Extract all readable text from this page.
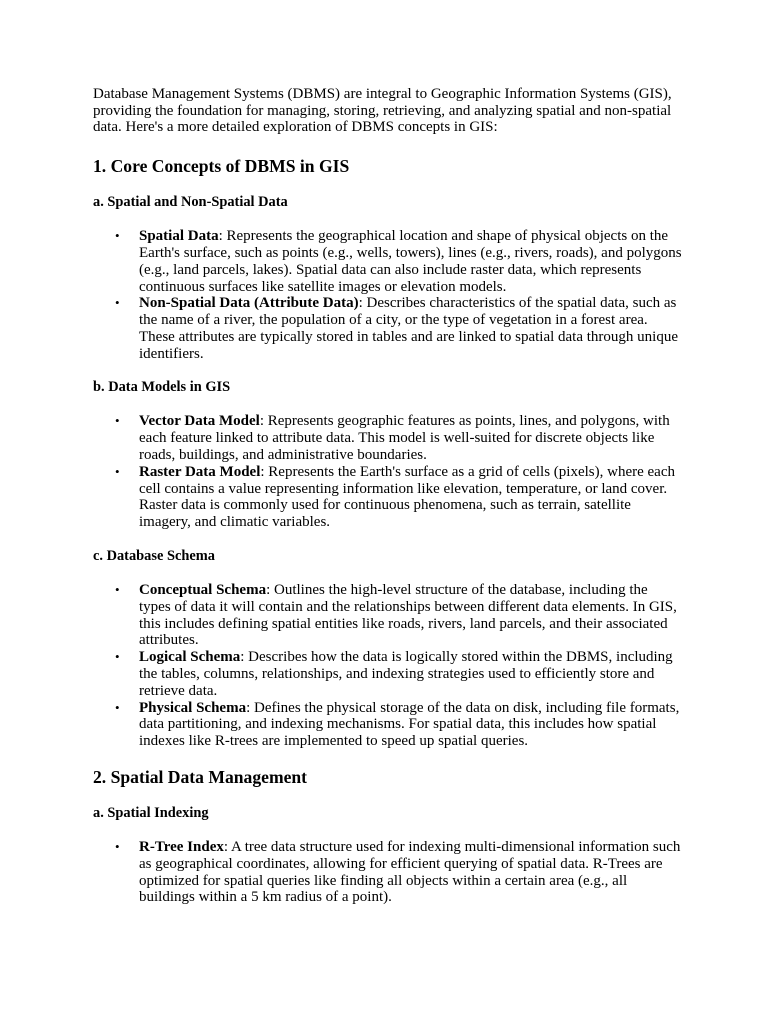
Database Management Systems (DBMS) are integral to Geographic Information Systems (GIS), providing the foundation for managing, storing, retrieving, and analyzing spatial and non-spatial data. Here's a more detailed exploration of DBMS concepts in GIS:

1. Core Concepts of DBMS in GIS
a. Spatial and Non-Spatial Data
• Spatial Data: Represents the geographical location and shape of physical objects on the Earth's surface, such as points (e.g., wells, towers), lines (e.g., rivers, roads), and polygons (e.g., land parcels, lakes). Spatial data can also include raster data, which represents continuous surfaces like satellite images or elevation models.
• Non-Spatial Data (Attribute Data): Describes characteristics of the spatial data, such as the name of a river, the population of a city, or the type of vegetation in a forest area. These attributes are typically stored in tables and are linked to spatial data through unique identifiers.
b. Data Models in GIS
• Vector Data Model: Represents geographic features as points, lines, and polygons, with each feature linked to attribute data. This model is well-suited for discrete objects like roads, buildings, and administrative boundaries.
• Raster Data Model: Represents the Earth's surface as a grid of cells (pixels), where each cell contains a value representing information like elevation, temperature, or land cover. Raster data is commonly used for continuous phenomena, such as terrain, satellite imagery, and climatic variables.
c. Database Schema
• Conceptual Schema: Outlines the high-level structure of the database, including the types of data it will contain and the relationships between different data elements. In GIS, this includes defining spatial entities like roads, rivers, land parcels, and their associated attributes.
• Logical Schema: Describes how the data is logically stored within the DBMS, including the tables, columns, relationships, and indexing strategies used to efficiently store and retrieve data.
• Physical Schema: Defines the physical storage of the data on disk, including file formats, data partitioning, and indexing mechanisms. For spatial data, this includes how spatial indexes like R-trees are implemented to speed up spatial queries.
2. Spatial Data Management
a. Spatial Indexing
• R-Tree Index: A tree data structure used for indexing multi-dimensional information such as geographical coordinates, allowing for efficient querying of spatial data. R-Trees are optimized for spatial queries like finding all objects within a certain area (e.g., all buildings within a 5 km radius of a point).
